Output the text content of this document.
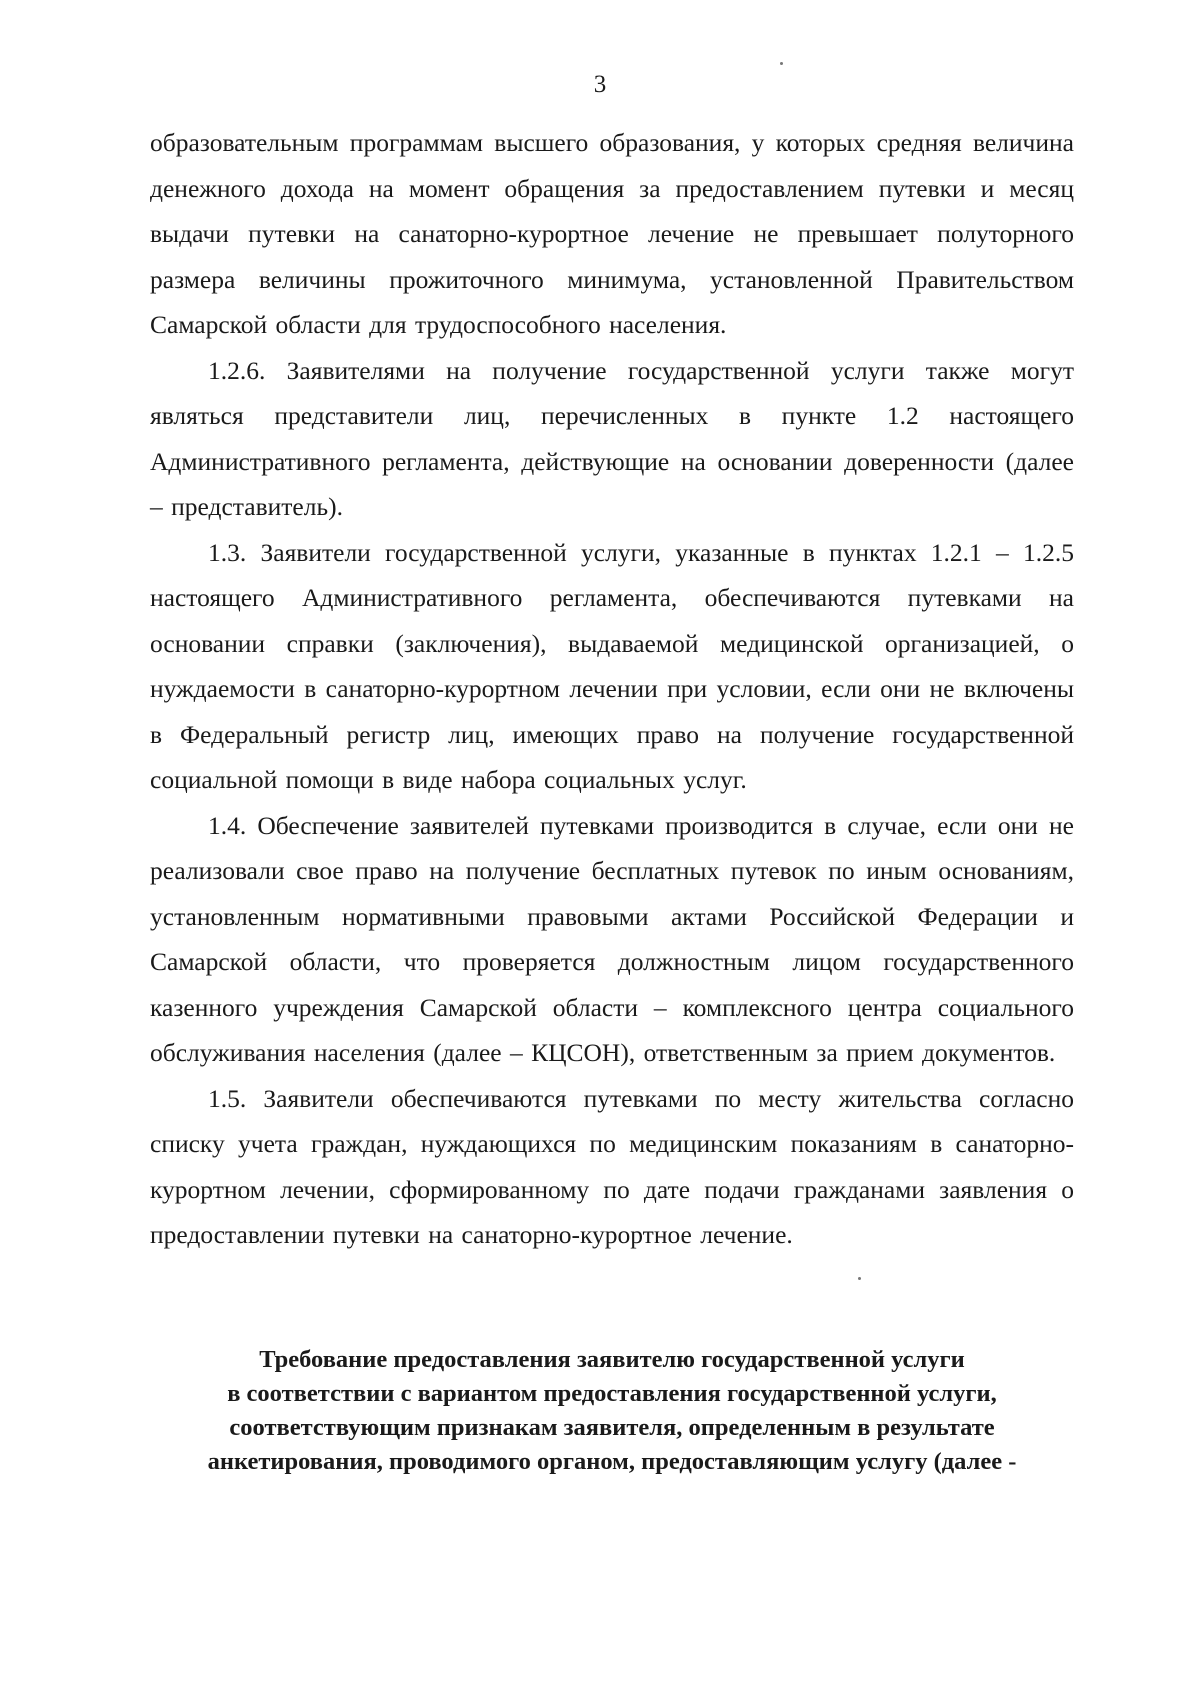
3

образовательным программам высшего образования, у которых средняя величина денежного дохода на момент обращения за предоставлением путевки и месяц выдачи путевки на санаторно-курортное лечение не превышает полуторного размера величины прожиточного минимума, установленной Правительством Самарской области для трудоспособного населения.

1.2.6. Заявителями на получение государственной услуги также могут являться представители лиц, перечисленных в пункте 1.2 настоящего Административного регламента, действующие на основании доверенности (далее – представитель).

1.3. Заявители государственной услуги, указанные в пунктах 1.2.1 – 1.2.5 настоящего Административного регламента, обеспечиваются путевками на основании справки (заключения), выдаваемой медицинской организацией, о нуждаемости в санаторно-курортном лечении при условии, если они не включены в Федеральный регистр лиц, имеющих право на получение государственной социальной помощи в виде набора социальных услуг.

1.4. Обеспечение заявителей путевками производится в случае, если они не реализовали свое право на получение бесплатных путевок по иным основаниям, установленным нормативными правовыми актами Российской Федерации и Самарской области, что проверяется должностным лицом государственного казенного учреждения Самарской области – комплексного центра социального обслуживания населения (далее – КЦСОН), ответственным за прием документов.

1.5. Заявители обеспечиваются путевками по месту жительства согласно списку учета граждан, нуждающихся по медицинским показаниям в санаторно-курортном лечении, сформированному по дате подачи гражданами заявления о предоставлении путевки на санаторно-курортное лечение.

Требование предоставления заявителю государственной услуги
в соответствии с вариантом предоставления государственной услуги,
соответствующим признакам заявителя, определенным в результате
анкетирования, проводимого органом, предоставляющим услугу (далее -
